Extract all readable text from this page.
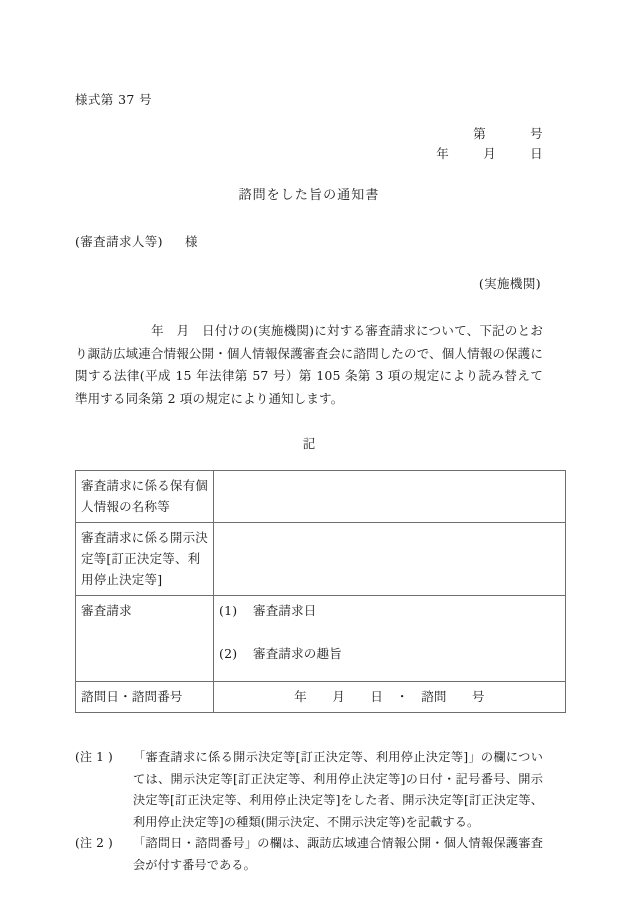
様式第 37 号
第	号
年	月	日
諮問をした旨の通知書
(審査請求人等) 様
(実施機関)
年　月　日付けの(実施機関)に対する審査請求について、下記のとおり諏訪広域連合情報公開・個人情報保護審査会に諮問したので、個人情報の保護に関する法律(平成 15 年法律第 57 号）第 105 条第 3 項の規定により読み替えて準用する同条第 2 項の規定により通知します。
記
審査請求に係る保有個人情報の名称等	
審査請求に係る開示決定等[訂正決定等、利用停止決定等]	
審査請求	(1) 審査請求日
(2) 審査請求の趣旨

諮問日・諮問番号	年　　月　　日　・　諮問　　号
(注 1 )	「審査請求に係る開示決定等[訂正決定等、利用停止決定等]」の欄については、開示決定等[訂正決定等、利用停止決定等]の日付・記号番号、開示決定等[訂正決定等、利用停止決定等]をした者、開示決定等[訂正決定等、利用停止決定等]の種類(開示決定、不開示決定等)を記載する。
(注 2 )	「諮問日・諮問番号」の欄は、諏訪広域連合情報公開・個人情報保護審査会が付す番号である。
